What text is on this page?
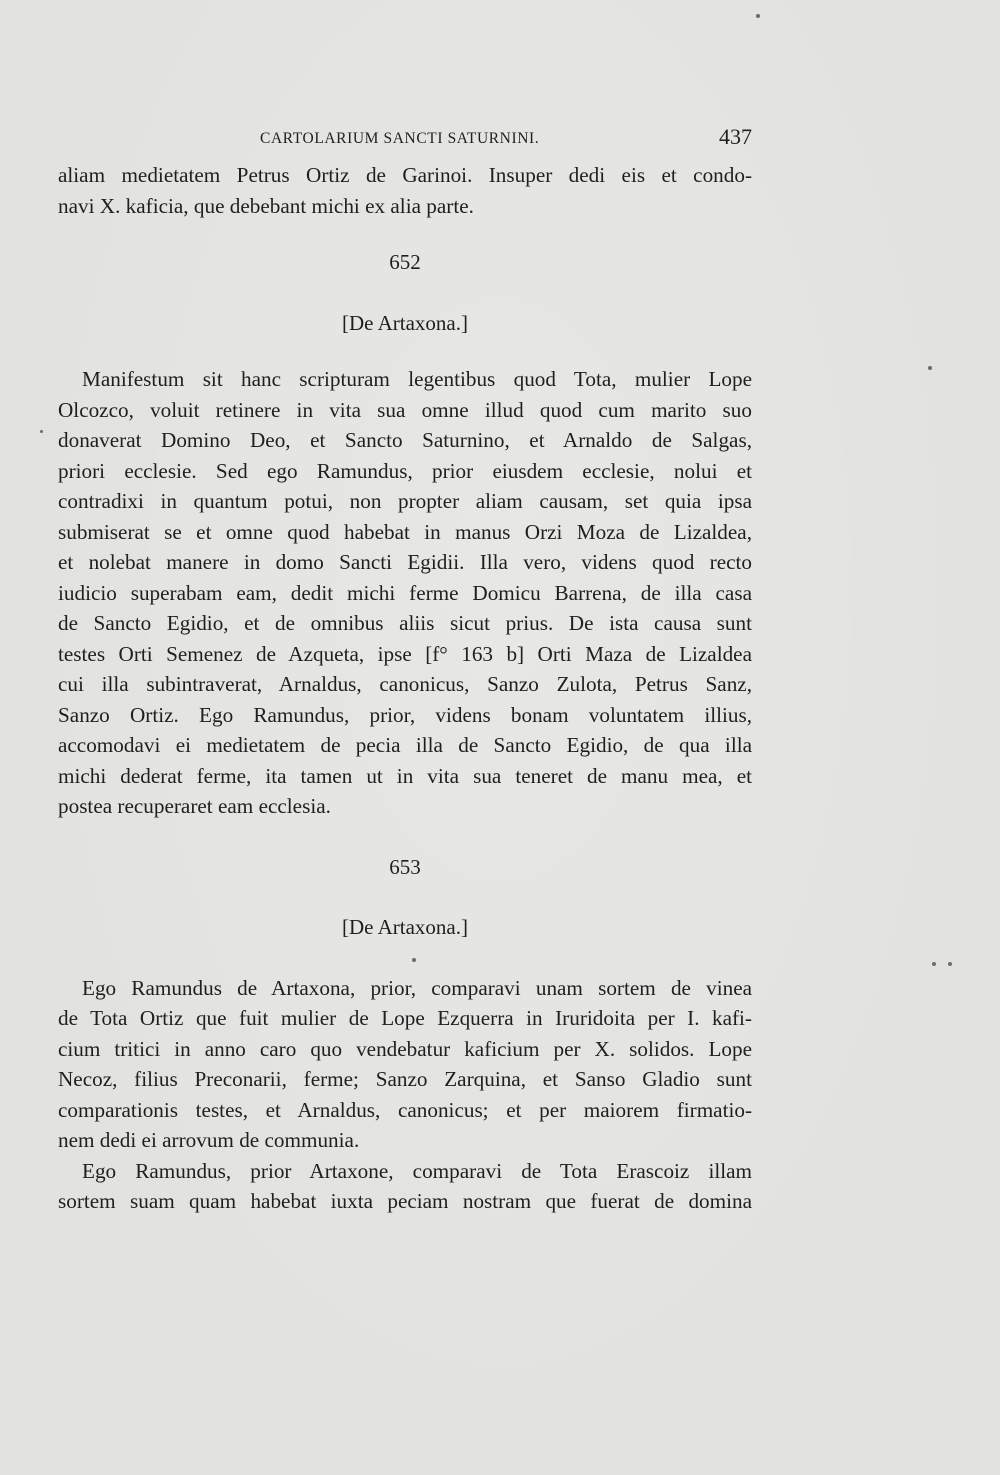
CARTOLARIUM SANCTI SATURNINI.	437
aliam medietatem Petrus Ortiz de Garinoi. Insuper dedi eis et condo-
navi X. kaficia, que debebant michi ex alia parte.
652
[De Artaxona.]
Manifestum sit hanc scripturam legentibus quod Tota, mulier Lope
Olcozco, voluit retinere in vita sua omne illud quod cum marito suo
donaverat Domino Deo, et Sancto Saturnino, et Arnaldo de Salgas,
priori ecclesie. Sed ego Ramundus, prior eiusdem ecclesie, nolui et
contradixi in quantum potui, non propter aliam causam, set quia ipsa
submiserat se et omne quod habebat in manus Orzi Moza de Lizaldea,
et nolebat manere in domo Sancti Egidii. Illa vero, videns quod recto
iudicio superabam eam, dedit michi ferme Domicu Barrena, de illa casa
de Sancto Egidio, et de omnibus aliis sicut prius. De ista causa sunt
testes Orti Semenez de Azqueta, ipse [f° 163 b] Orti Maza de Lizaldea
cui illa subintraverat, Arnaldus, canonicus, Sanzo Zulota, Petrus Sanz,
Sanzo Ortiz. Ego Ramundus, prior, videns bonam voluntatem illius,
accomodavi ei medietatem de pecia illa de Sancto Egidio, de qua illa
michi dederat ferme, ita tamen ut in vita sua teneret de manu mea, et
postea recuperaret eam ecclesia.
653
[De Artaxona.]
Ego Ramundus de Artaxona, prior, comparavi unam sortem de vinea
de Tota Ortiz que fuit mulier de Lope Ezquerra in Iruridoita per I. kafi-
cium tritici in anno caro quo vendebatur kaficium per X. solidos. Lope
Necoz, filius Preconarii, ferme; Sanzo Zarquina, et Sanso Gladio sunt
comparationis testes, et Arnaldus, canonicus; et per maiorem firmatio-
nem dedi ei arrovum de communia.
Ego Ramundus, prior Artaxone, comparavi de Tota Erascoiz illam
sortem suam quam habebat iuxta peciam nostram que fuerat de domina
